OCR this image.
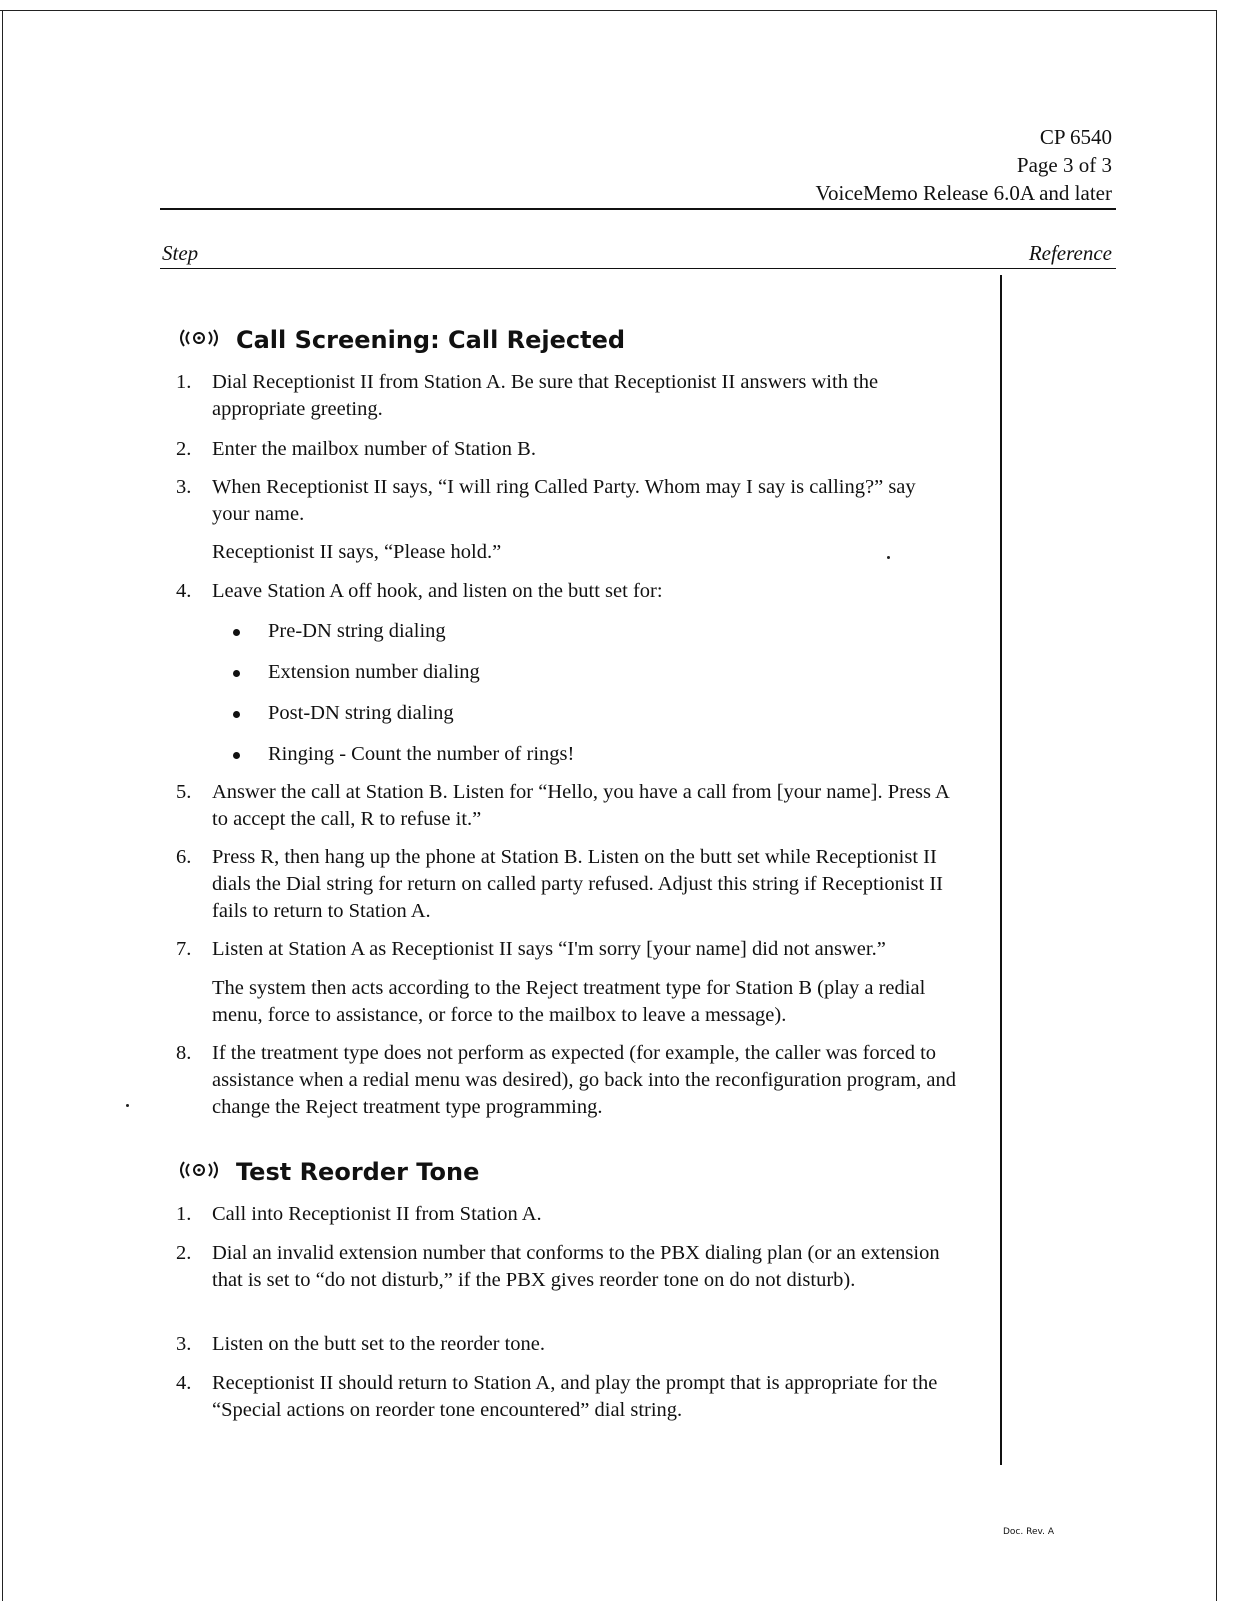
CP 6540
Page 3 of 3
VoiceMemo Release 6.0A and later
Step	Reference
Call Screening: Call Rejected
1. Dial Receptionist II from Station A. Be sure that Receptionist II answers with the appropriate greeting.
2. Enter the mailbox number of Station B.
3. When Receptionist II says, “I will ring Called Party. Whom may I say is calling?” say your name.
Receptionist II says, “Please hold.”
4. Leave Station A off hook, and listen on the butt set for:
Pre-DN string dialing
Extension number dialing
Post-DN string dialing
Ringing - Count the number of rings!
5. Answer the call at Station B. Listen for “Hello, you have a call from [your name]. Press A to accept the call, R to refuse it.”
6. Press R, then hang up the phone at Station B. Listen on the butt set while Receptionist II dials the Dial string for return on called party refused. Adjust this string if Receptionist II fails to return to Station A.
7. Listen at Station A as Receptionist II says “I'm sorry [your name] did not answer.”
The system then acts according to the Reject treatment type for Station B (play a redial menu, force to assistance, or force to the mailbox to leave a message).
8. If the treatment type does not perform as expected (for example, the caller was forced to assistance when a redial menu was desired), go back into the reconfiguration program, and change the Reject treatment type programming.
Test Reorder Tone
1. Call into Receptionist II from Station A.
2. Dial an invalid extension number that conforms to the PBX dialing plan (or an extension that is set to “do not disturb,” if the PBX gives reorder tone on do not disturb).
3. Listen on the butt set to the reorder tone.
4. Receptionist II should return to Station A, and play the prompt that is appropriate for the “Special actions on reorder tone encountered” dial string.
Doc. Rev. A
